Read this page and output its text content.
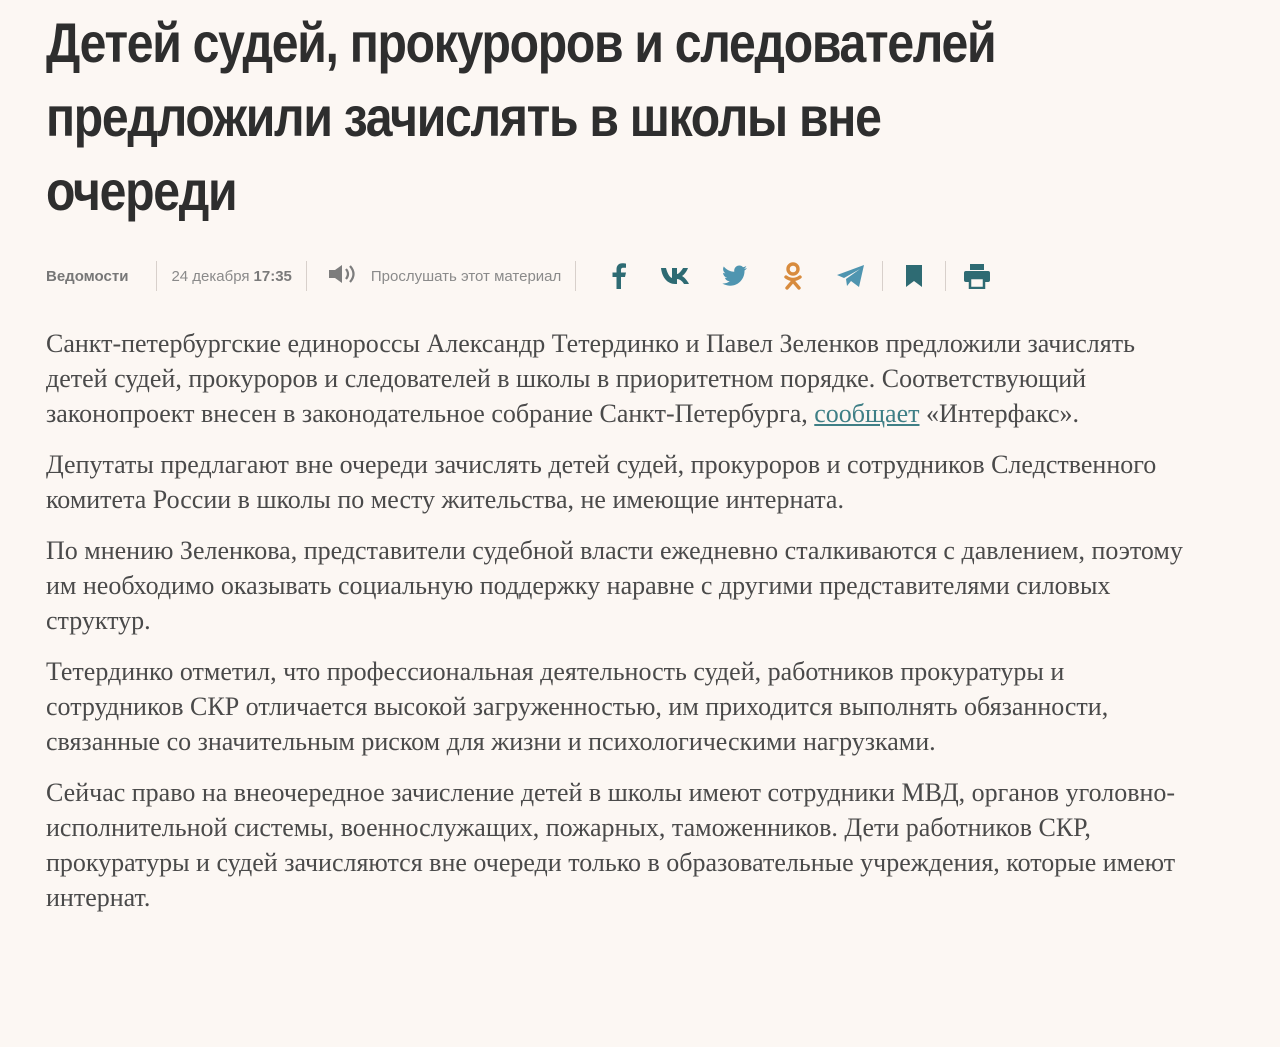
Детей судей, прокуроров и следователей предложили зачислять в школы вне очереди
Ведомости	24 декабря 17:35	Прослушать этот материал

Санкт-петербургские единороссы Александр Тетердинко и Павел Зеленков предложили зачислять детей судей, прокуроров и следователей в школы в приоритетном порядке. Соответствующий законопроект внесен в законодательное собрание Санкт-Петербурга, сообщает «Интерфакс».

Депутаты предлагают вне очереди зачислять детей судей, прокуроров и сотрудников Следственного комитета России в школы по месту жительства, не имеющие интерната.

По мнению Зеленкова, представители судебной власти ежедневно сталкиваются с давлением, поэтому им необходимо оказывать социальную поддержку наравне с другими представителями силовых структур.

Тетердинко отметил, что профессиональная деятельность судей, работников прокуратуры и сотрудников СКР отличается высокой загруженностью, им приходится выполнять обязанности, связанные со значительным риском для жизни и психологическими нагрузками.

Сейчас право на внеочередное зачисление детей в школы имеют сотрудники МВД, органов уголовно-исполнительной системы, военнослужащих, пожарных, таможенников. Дети работников СКР, прокуратуры и судей зачисляются вне очереди только в образовательные учреждения, которые имеют интернат.
